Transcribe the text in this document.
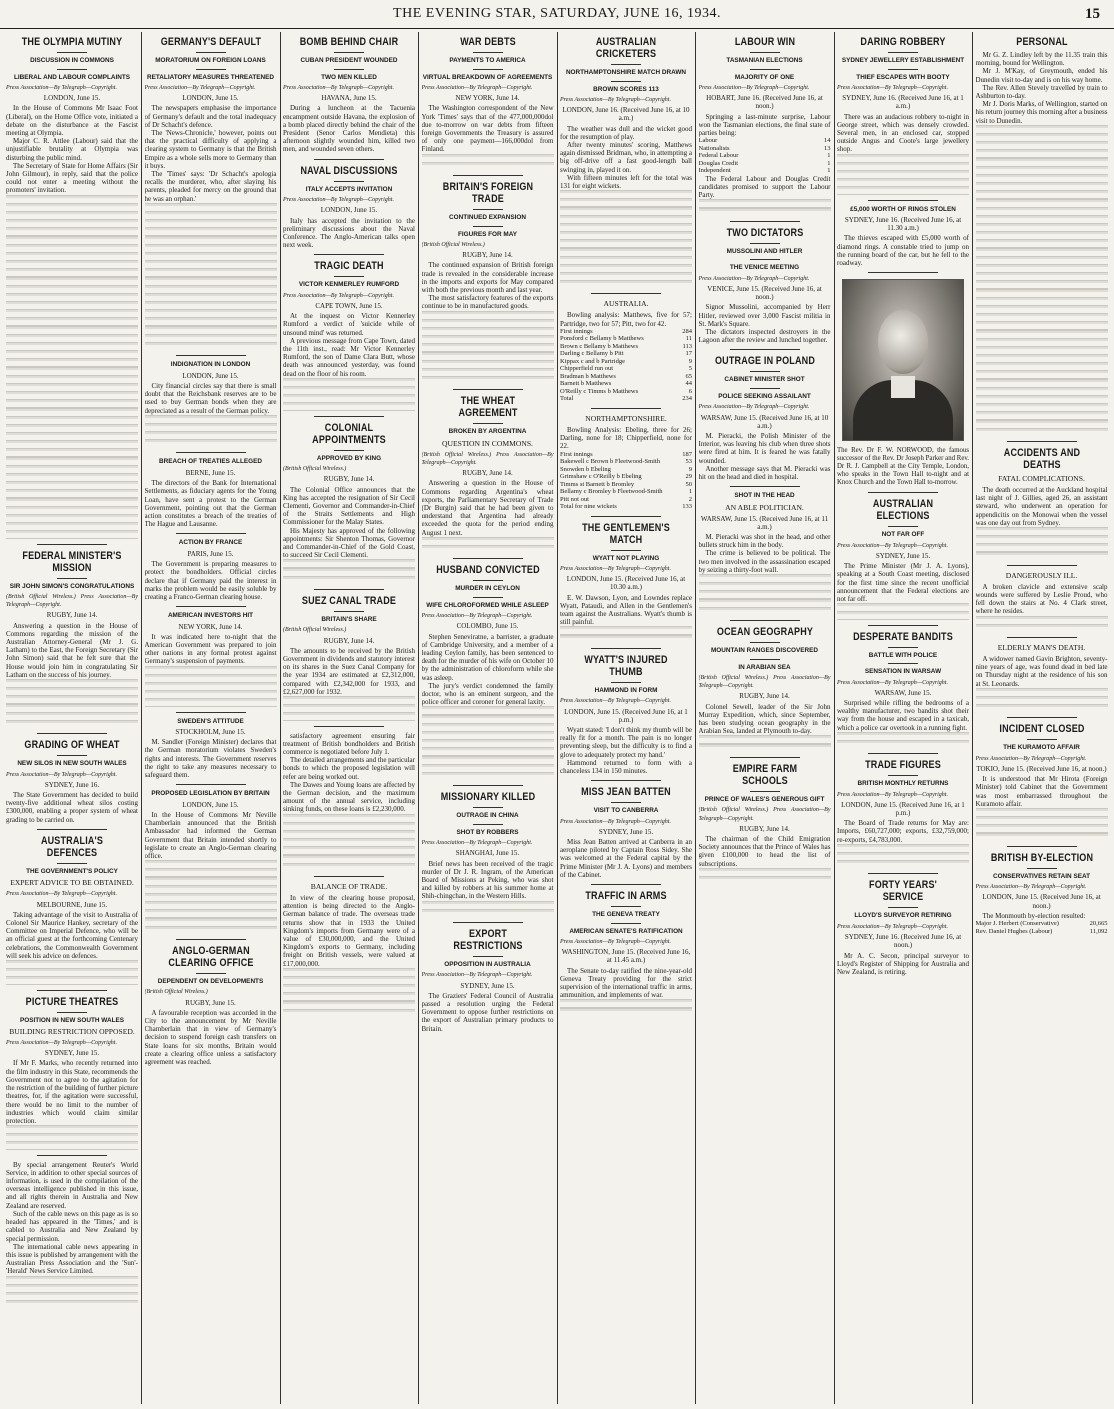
THE EVENING STAR, SATURDAY, JUNE 16, 1934.	15
THE OLYMPIA MUTINY
DISCUSSION IN COMMONS
LIBERAL AND LABOUR COMPLAINTS
Press Association—By Telegraph—Copyright.
LONDON, June 15.

In the House of Commons Mr Isaac Foot (Liberal), on the Home Office vote, initiated a debate on the disturbance at the Fascist meeting at Olympia.

Major C. R. Attlee (Labour) said that the unjustifiable brutality at Olympia was disturbing the public mind.

The Secretary of State for Home Affairs (Sir John Gilmour), in reply, said that the police could not enter a meeting without the promoters' invitation.

FEDERAL MINISTER'S MISSION
SIR JOHN SIMON'S CONGRATULATIONS
(British Official Wireless.) Press Association—By Telegraph—Copyright.
RUGBY, June 14.

Answering a question in the House of Commons regarding the mission of the Australian Attorney-General (Mr J. G. Latham) to the East, the Foreign Secretary (Sir John Simon) said that he felt sure that the House would join him in congratulating Sir Latham on the success of his journey.

GRADING OF WHEAT
NEW SILOS IN NEW SOUTH WALES
Press Association—By Telegraph—Copyright.
SYDNEY, June 16.

The State Government has decided to build twenty-five additional wheat silos costing £300,000, enabling a proper system of wheat grading to be carried on.

AUSTRALIA'S DEFENCES
THE GOVERNMENT'S POLICY
EXPERT ADVICE TO BE OBTAINED.
Press Association—By Telegraph—Copyright.
MELBOURNE, June 15.

Taking advantage of the visit to Australia of Colonel Sir Maurice Hankey, secretary of the Committee on Imperial Defence, who will be an official guest at the forthcoming Centenary celebrations, the Commonwealth Government will seek his advice on defences.

PICTURE THEATRES
POSITION IN NEW SOUTH WALES
BUILDING RESTRICTION OPPOSED.
Press Association—By Telegraph—Copyright.
SYDNEY, June 15.

If Mr F. Marks, who recently returned into the film industry in this State, recommends the Government not to agree to the agitation for the restriction of the building of further picture theatres, for, if the agitation were successful, there would be no limit to the number of industries which would claim similar protection.

By special arrangement Reuter's World Service, in addition to other special sources of information, is used in the compilation of the overseas intelligence published in this issue, and all rights therein in Australia and New Zealand are reserved.

Such of the cable news on this page as is so headed has appeared in the 'Times,' and is cabled to Australia and New Zealand by special permission.

The international cable news appearing in this issue is published by arrangement with the Australian Press Association and the 'Sun'-'Herald' News Service Limited.

GERMANY'S DEFAULT
MORATORIUM ON FOREIGN LOANS
RETALIATORY MEASURES THREATENED
Press Association—By Telegraph—Copyright.
LONDON, June 15.

The newspapers emphasise the importance of Germany's default and the total inadequacy of Dr Schacht's defence.

The 'News-Chronicle,' however, points out that the practical difficulty of applying a clearing system to Germany is that the British Empire as a whole sells more to Germany than it buys.

The 'Times' says: 'Dr Schacht's apologia recalls the murderer, who, after slaying his parents, pleaded for mercy on the ground that he was an orphan.'

INDIGNATION IN LONDON
LONDON, June 15.

City financial circles say that there is small doubt that the Reichsbank reserves are to be used to buy German bonds when they are depreciated as a result of the German policy.

BREACH OF TREATIES ALLEGED
BERNE, June 15.

The directors of the Bank for International Settlements, as fiduciary agents for the Young Loan, have sent a protest to the German Government, pointing out that the German action constitutes a breach of the treaties of The Hague and Lausanne.

ACTION BY FRANCE
PARIS, June 15.

The Government is preparing measures to protect the bondholders. Official circles declare that if Germany paid the interest in marks the problem would be easily soluble by creating a Franco-German clearing house.

AMERICAN INVESTORS HIT
NEW YORK, June 14.

It was indicated here to-night that the American Government was prepared to join other nations in any formal protest against Germany's suspension of payments.

SWEDEN'S ATTITUDE
STOCKHOLM, June 15.

M. Sandler (Foreign Minister) declares that the German moratorium violates Sweden's rights and interests. The Government reserves the right to take any measures necessary to safeguard them.

PROPOSED LEGISLATION BY BRITAIN
LONDON, June 15.

In the House of Commons Mr Neville Chamberlain announced that the British Ambassador had informed the German Government that Britain intended shortly to legislate to create an Anglo-German clearing office.

ANGLO-GERMAN CLEARING OFFICE
DEPENDENT ON DEVELOPMENTS
(British Official Wireless.)
RUGBY, June 15.

A favourable reception was accorded in the City to the announcement by Mr Neville Chamberlain that in view of Germany's decision to suspend foreign cash transfers on State loans for six months, Britain would create a clearing office unless a satisfactory agreement was reached.

BOMB BEHIND CHAIR
CUBAN PRESIDENT WOUNDED
TWO MEN KILLED
Press Association—By Telegraph—Copyright.
HAVANA, June 15.

During a luncheon at the Tacuenia encampment outside Havana, the explosion of a bomb placed directly behind the chair of the President (Senor Carlos Mendieta) this afternoon slightly wounded him, killed two men, and wounded seven others.

NAVAL DISCUSSIONS
ITALY ACCEPTS INVITATION
Press Association—By Telegraph—Copyright.
LONDON, June 15.

Italy has accepted the invitation to the preliminary discussions about the Naval Conference. The Anglo-American talks open next week.

TRAGIC DEATH
VICTOR KENMERLEY RUMFORD
Press Association—By Telegraph—Copyright.
CAPE TOWN, June 15.

At the inquest on Victor Kennerley Rumford a verdict of 'suicide while of unsound mind' was returned.

A previous message from Cape Town, dated the 11th inst., read: Mr Victor Kennerley Rumford, the son of Dame Clara Butt, whose death was announced yesterday, was found dead on the floor of his room.

COLONIAL APPOINTMENTS
APPROVED BY KING
(British Official Wireless.)
RUGBY, June 14.

The Colonial Office announces that the King has accepted the resignation of Sir Cecil Clementi, Governor and Commander-in-Chief of the Straits Settlements and High Commissioner for the Malay States.

His Majesty has approved of the following appointments: Sir Shenton Thomas, Governor and Commander-in-Chief of the Gold Coast, to succeed Sir Cecil Clementi.

SUEZ CANAL TRADE
BRITAIN'S SHARE
(British Official Wireless.)
RUGBY, June 14.

The amounts to be received by the British Government in dividends and statutory interest on its shares in the Suez Canal Company for the year 1934 are estimated at £2,312,000, compared with £2,342,000 for 1933, and £2,627,000 for 1932.

satisfactory agreement ensuring fair treatment of British bondholders and British commerce is negotiated before July 1.

The detailed arrangements and the particular bonds to which the proposed legislation will refer are being worked out.

The Dawes and Young loans are affected by the German decision, and the maximum amount of the annual service, including sinking funds, on these loans is £2,230,000.

BALANCE OF TRADE.

In view of the clearing house proposal, attention is being directed to the Anglo-German balance of trade. The overseas trade returns show that in 1933 the United Kingdom's imports from Germany were of a value of £30,000,000, and the United Kingdom's exports to Germany, including freight on British vessels, were valued at £17,000,000.

WAR DEBTS
PAYMENTS TO AMERICA
VIRTUAL BREAKDOWN OF AGREEMENTS
Press Association—By Telegraph—Copyright.
NEW YORK, June 14.

The Washington correspondent of the New York 'Times' says that of the 477,000,000dol due to-morrow on war debts from fifteen foreign Governments the Treasury is assured of only one payment—166,000dol from Finland.

BRITAIN'S FOREIGN TRADE
CONTINUED EXPANSION
FIGURES FOR MAY
(British Official Wireless.)
RUGBY, June 14.

The continued expansion of British foreign trade is revealed in the considerable increase in the imports and exports for May compared with both the previous month and last year.

The most satisfactory features of the exports continue to be in manufactured goods.

THE WHEAT AGREEMENT
BROKEN BY ARGENTINA
QUESTION IN COMMONS.
(British Official Wireless.) Press Association—By Telegraph—Copyright.
RUGBY, June 14.

Answering a question in the House of Commons regarding Argentina's wheat exports, the Parliamentary Secretary of Trade (Dr Burgin) said that he had been given to understand that Argentina had already exceeded the quota for the period ending August 1 next.

HUSBAND CONVICTED
MURDER IN CEYLON
WIFE CHLOROFORMED WHILE ASLEEP
Press Association—By Telegraph—Copyright.
COLOMBO, June 15.

Stephen Seneviratne, a barrister, a graduate of Cambridge University, and a member of a leading Ceylon family, has been sentenced to death for the murder of his wife on October 10 by the administration of chloroform while she was asleep.

The jury's verdict condemned the family doctor, who is an eminent surgeon, and the police officer and coroner for general laxity.

MISSIONARY KILLED
OUTRAGE IN CHINA
SHOT BY ROBBERS
Press Association—By Telegraph—Copyright.
SHANGHAI, June 15.

Brief news has been received of the tragic murder of Dr J. R. Ingram, of the American Board of Missions at Peking, who was shot and killed by robbers at his summer home at Shih-chingchan, in the Western Hills.

EXPORT RESTRICTIONS
OPPOSITION IN AUSTRALIA
Press Association—By Telegraph—Copyright.
SYDNEY, June 15.

The Graziers' Federal Council of Australia passed a resolution urging the Federal Government to oppose further restrictions on the export of Australian primary products to Britain.

AUSTRALIAN CRICKETERS
NORTHAMPTONSHIRE MATCH DRAWN
BROWN SCORES 113
Press Association—By Telegraph—Copyright.
LONDON, June 16. (Received June 16, at 10 a.m.)

The weather was dull and the wicket good for the resumption of play.

After twenty minutes' scoring, Matthews again dismissed Bridman, who, in attempting a big off-drive off a fast good-length ball swinging in, played it on.

With fifteen minutes left for the total was 131 for eight wickets.

AUSTRALIA.

Bowling analysis: Matthews, five for 57; Partridge, two for 57; Pitt, two for 42.

First innings	284
Ponsford c Bellamy b Matthews	11
Brown c Bellamy b Matthews	113
Darling c Bellamy b Pitt	17
Kippax c and b Partridge	9
Chipperfield run out	5
Bradman b Matthews	65
Barnett b Matthews	44
O'Reilly c Timms b Matthews	6
Total	234
NORTHAMPTONSHIRE.

Bowling Analysis: Ebeling, three for 26; Darling, none for 18; Chipperfield, none for 22.

First innings	187
Bakewell c Brown b Fleetwood-Smith	53
Snowden b Ebeling	9
Grimshaw c O'Reilly b Ebeling	29
Timms st Barnett b Bromley	50
Bellamy c Bromley b Fleetwood-Smith	1
Pitt not out	2
Total for nine wickets	133
THE GENTLEMEN'S MATCH
WYATT NOT PLAYING
Press Association—By Telegraph—Copyright.
LONDON, June 15. (Received June 16, at 10.30 a.m.)

E. W. Dawson, Lyon, and Lowndes replace Wyatt, Pataudi, and Allen in the Gentlemen's team against the Australians. Wyatt's thumb is still painful.

WYATT'S INJURED THUMB
HAMMOND IN FORM
Press Association—By Telegraph—Copyright.
LONDON, June 15. (Received June 16, at 1 p.m.)

Wyatt stated: 'I don't think my thumb will be really fit for a month. The pain is no longer preventing sleep, but the difficulty is to find a glove to adequately protect my hand.'

Hammond returned to form with a chanceless 134 in 150 minutes.

MISS JEAN BATTEN
VISIT TO CANBERRA
Press Association—By Telegraph—Copyright.
SYDNEY, June 15.

Miss Jean Batten arrived at Canberra in an aeroplane piloted by Captain Ross Sidey. She was welcomed at the Federal capital by the Prime Minister (Mr J. A. Lyons) and members of the Cabinet.

TRAFFIC IN ARMS
THE GENEVA TREATY
AMERICAN SENATE'S RATIFICATION
Press Association—By Telegraph—Copyright.
WASHINGTON, June 15. (Received June 16, at 11.45 a.m.)

The Senate to-day ratified the nine-year-old Geneva Treaty providing for the strict supervision of the international traffic in arms, ammunition, and implements of war.

LABOUR WIN
TASMANIAN ELECTIONS
MAJORITY OF ONE
Press Association—By Telegraph—Copyright.
HOBART, June 16. (Received June 16, at noon.)

Springing a last-minute surprise, Labour won the Tasmanian elections, the final state of parties being:

Labour	14
Nationalists	13
Federal Labour	1
Douglas Credit	1
Independent	1

The Federal Labour and Douglas Credit candidates promised to support the Labour Party.

TWO DICTATORS
MUSSOLINI AND HITLER
THE VENICE MEETING
Press Association—By Telegraph—Copyright.
VENICE, June 15. (Received June 16, at noon.)

Signor Mussolini, accompanied by Herr Hitler, reviewed over 3,000 Fascist militia in St. Mark's Square.

The dictators inspected destroyers in the Lagoon after the review and lunched together.

OUTRAGE IN POLAND
CABINET MINISTER SHOT
POLICE SEEKING ASSAILANT
Press Association—By Telegraph—Copyright.
WARSAW, June 15. (Received June 16, at 10 a.m.)

M. Pieracki, the Polish Minister of the Interior, was leaving his club when three shots were fired at him. It is feared he was fatally wounded.

Another message says that M. Pieracki was hit on the head and died in hospital.

SHOT IN THE HEAD
AN ABLE POLITICIAN.
WARSAW, June 15. (Received June 16, at 11 a.m.)

M. Pieracki was shot in the head, and other bullets struck him in the body.

The crime is believed to be political. The two men involved in the assassination escaped by seizing a thirty-foot wall.

OCEAN GEOGRAPHY
MOUNTAIN RANGES DISCOVERED
IN ARABIAN SEA
(British Official Wireless.) Press Association—By Telegraph—Copyright.
RUGBY, June 14.

Colonel Sewell, leader of the Sir John Murray Expedition, which, since September, has been studying ocean geography in the Arabian Sea, landed at Plymouth to-day.

EMPIRE FARM SCHOOLS
PRINCE OF WALES'S GENEROUS GIFT
(British Official Wireless.) Press Association—By Telegraph—Copyright.
RUGBY, June 14.

The chairman of the Child Emigration Society announces that the Prince of Wales has given £100,000 to head the list of subscriptions.

DARING ROBBERY
SYDNEY JEWELLERY ESTABLISHMENT
THIEF ESCAPES WITH BOOTY
Press Association—By Telegraph—Copyright.
SYDNEY, June 16. (Received June 16, at 1 a.m.)

There was an audacious robbery to-night in George street, which was densely crowded. Several men, in an enclosed car, stopped outside Angus and Coote's large jewellery shop.

£5,000 WORTH OF RINGS STOLEN
SYDNEY, June 16. (Received June 16, at 11.30 a.m.)

The thieves escaped with £5,000 worth of diamond rings. A constable tried to jump on the running board of the car, but he fell to the roadway.

The Rev. Dr F. W. NORWOOD, the famous successor of the Rev. Dr Joseph Parker and Rev. Dr R. J. Campbell at the City Temple, London, who speaks in the Town Hall to-night and at Knox Church and the Town Hall to-morrow.
AUSTRALIAN ELECTIONS
NOT FAR OFF
Press Association—By Telegraph—Copyright.
SYDNEY, June 15.

The Prime Minister (Mr J. A. Lyons), speaking at a South Coast meeting, disclosed for the first time since the recent unofficial announcement that the Federal elections are not far off.

DESPERATE BANDITS
BATTLE WITH POLICE
SENSATION IN WARSAW
Press Association—By Telegraph—Copyright.
WARSAW, June 15.

Surprised while rifling the bedrooms of a wealthy manufacturer, two bandits shot their way from the house and escaped in a taxicab, which a police car overtook in a running fight.

TRADE FIGURES
BRITISH MONTHLY RETURNS
Press Association—By Telegraph—Copyright.
LONDON, June 15. (Received June 16, at 1 p.m.)

The Board of Trade returns for May are: Imports, £60,727,000; exports, £32,759,000; re-exports, £4,783,000.

FORTY YEARS' SERVICE
LLOYD'S SURVEYOR RETIRING
Press Association—By Telegraph—Copyright.
SYDNEY, June 16. (Received June 16, at noon.)

Mr A. C. Secon, principal surveyor to Lloyd's Register of Shipping for Australia and New Zealand, is retiring.

PERSONAL

Mr G. Z. Lindley left by the 11.35 train this morning, bound for Wellington.

Mr J. M'Kay, of Greymouth, ended his Dunedin visit to-day and is on his way home.

The Rev. Allen Stevely travelled by train to Ashburton to-day.

Mr J. Doris Marks, of Wellington, started on his return journey this morning after a business visit to Dunedin.

ACCIDENTS AND DEATHS
FATAL COMPLICATIONS.

The death occurred at the Auckland hospital last night of J. Gillies, aged 26, an assistant steward, who underwent an operation for appendicitis on the Monowai when the vessel was one day out from Sydney.

DANGEROUSLY ILL.

A broken clavicle and extensive scalp wounds were suffered by Leslie Proud, who fell down the stairs at No. 4 Clark street, where he resides.

ELDERLY MAN'S DEATH.

A widower named Gavin Brighton, seventy-nine years of age, was found dead in bed late on Thursday night at the residence of his son at St. Leonards.

INCIDENT CLOSED
THE KURAMOTO AFFAIR
Press Association—By Telegraph—Copyright.
TOKIO, June 15. (Received June 16, at noon.)

It is understood that Mr Hirota (Foreign Minister) told Cabinet that the Government was most embarrassed throughout the Kuramoto affair.

BRITISH BY-ELECTION
CONSERVATIVES RETAIN SEAT
Press Association—By Telegraph—Copyright.
LONDON, June 15. (Received June 16, at noon.)

The Monmouth by-election resulted:

Major J. Herbert (Conservative)	20,665
Rev. Daniel Hughes (Labour)	11,092
